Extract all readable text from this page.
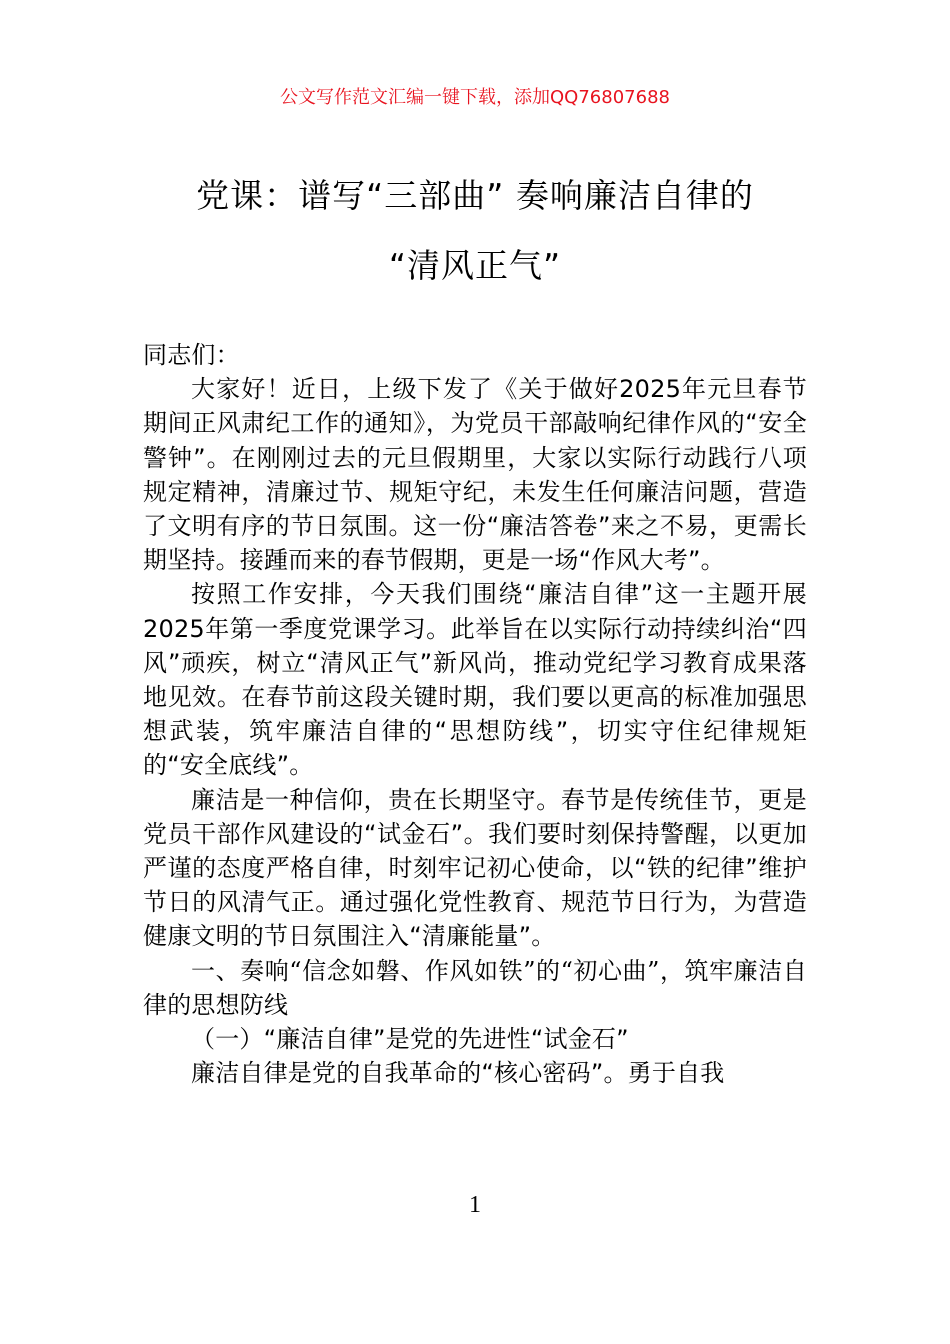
公文写作范文汇编一键下载，添加QQ76807688
党课：谱写“三部曲” 奏响廉洁自律的
“清风正气”

同志们：

大家好！近日，上级下发了《关于做好2025年元旦春节期间正风肃纪工作的通知》，为党员干部敲响纪律作风的“安全警钟”。在刚刚过去的元旦假期里，大家以实际行动践行八项规定精神，清廉过节、规矩守纪，未发生任何廉洁问题，营造了文明有序的节日氛围。这一份“廉洁答卷”来之不易，更需长期坚持。接踵而来的春节假期，更是一场“作风大考”。

按照工作安排，今天我们围绕“廉洁自律”这一主题开展2025年第一季度党课学习。此举旨在以实际行动持续纠治“四风”顽疾，树立“清风正气”新风尚，推动党纪学习教育成果落地见效。在春节前这段关键时期，我们要以更高的标准加强思想武装，筑牢廉洁自律的“思想防线”，切实守住纪律规矩的“安全底线”。

廉洁是一种信仰，贵在长期坚守。春节是传统佳节，更是党员干部作风建设的“试金石”。我们要时刻保持警醒，以更加严谨的态度严格自律，时刻牢记初心使命，以“铁的纪律”维护节日的风清气正。通过强化党性教育、规范节日行为，为营造健康文明的节日氛围注入“清廉能量”。

一、奏响“信念如磐、作风如铁”的“初心曲”，筑牢廉洁自律的思想防线

（一）“廉洁自律”是党的先进性“试金石”

廉洁自律是党的自我革命的“核心密码”。勇于自我

1
